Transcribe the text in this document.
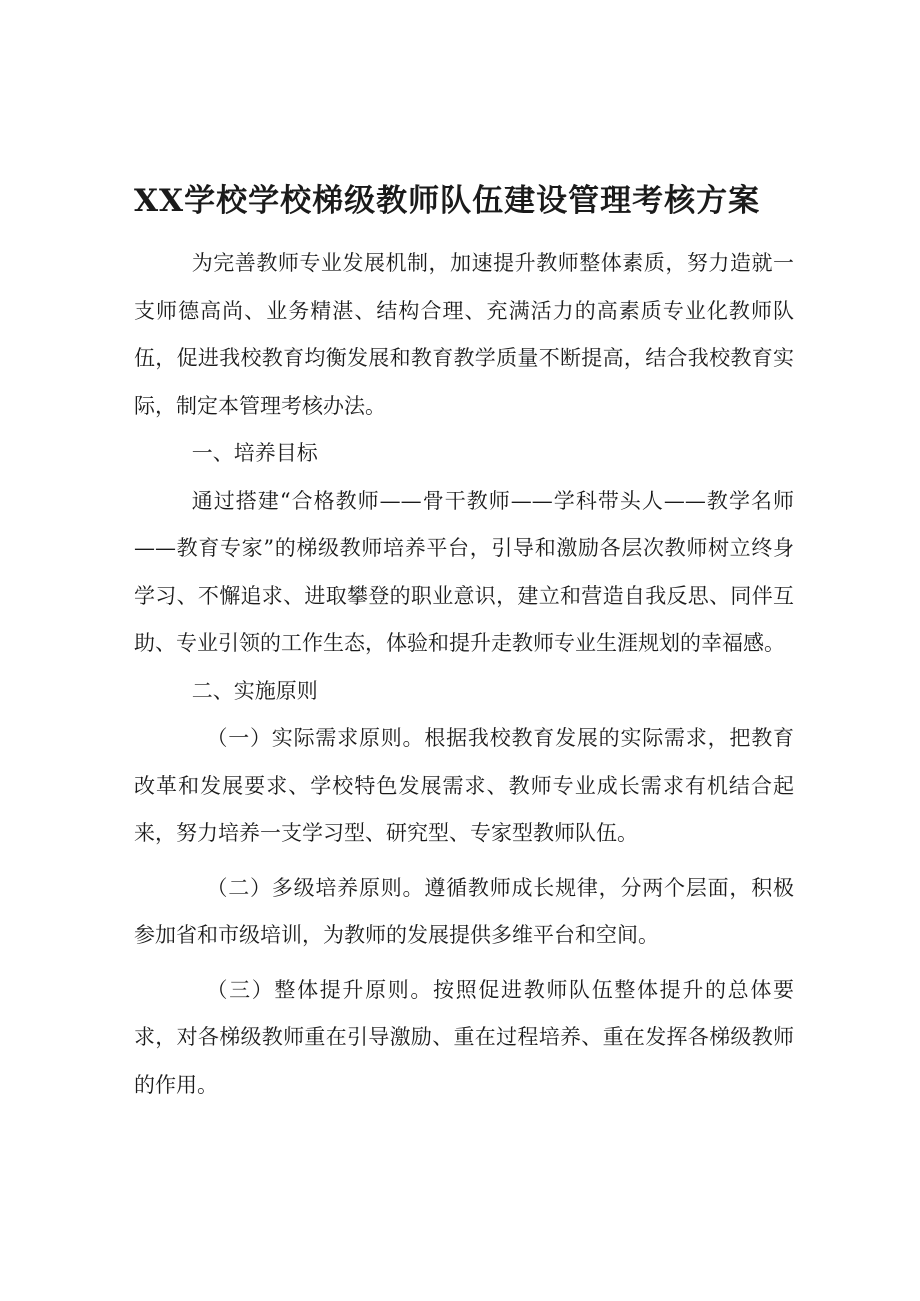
XX学校学校梯级教师队伍建设管理考核方案

为完善教师专业发展机制，加速提升教师整体素质，努力造就一支师德高尚、业务精湛、结构合理、充满活力的高素质专业化教师队伍，促进我校教育均衡发展和教育教学质量不断提高，结合我校教育实际，制定本管理考核办法。

一、培养目标

通过搭建“合格教师——骨干教师——学科带头人——教学名师——教育专家”的梯级教师培养平台，引导和激励各层次教师树立终身学习、不懈追求、进取攀登的职业意识，建立和营造自我反思、同伴互助、专业引领的工作生态，体验和提升走教师专业生涯规划的幸福感。

二、实施原则

（一）实际需求原则。根据我校教育发展的实际需求，把教育改革和发展要求、学校特色发展需求、教师专业成长需求有机结合起来，努力培养一支学习型、研究型、专家型教师队伍。

（二）多级培养原则。遵循教师成长规律，分两个层面，积极参加省和市级培训，为教师的发展提供多维平台和空间。

（三）整体提升原则。按照促进教师队伍整体提升的总体要求，对各梯级教师重在引导激励、重在过程培养、重在发挥各梯级教师的作用。
